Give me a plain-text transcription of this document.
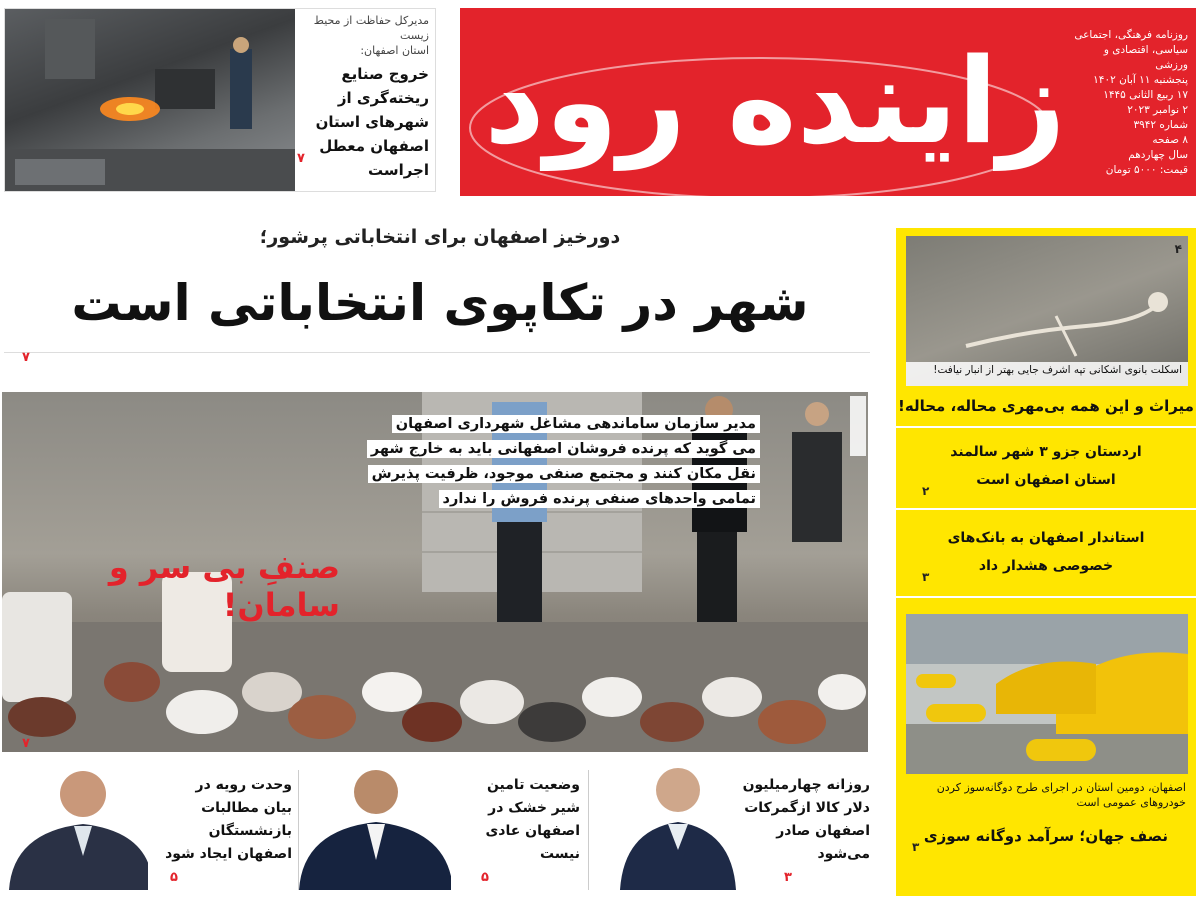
زاینده رود روزنامه فرهنگی، اجتماعی
سیاسی، اقتصادی و ورزشی
پنجشنبه ۱۱ آبان ۱۴۰۲
۱۷ ربیع الثانی ۱۴۴۵
۲ نوامبر ۲۰۲۳
شماره ۳۹۴۲
۸ صفحه
سال چهاردهم
قیمت: ۵۰۰۰ تومان
مدیرکل حفاظت از محیط زیست
استان اصفهان:
خروج صنایع ریخته‌گری از شهرهای استان اصفهان معطل اجراست
۷
دورخیز اصفهان برای انتخاباتی پرشور؛
شهر در تکاپوی انتخاباتی است
۷
مدیر سازمان ساماندهی مشاغل شهرداری اصفهان
می گوید که پرنده فروشان اصفهانی باید به خارج شهر
نقل مکان کنند و مجتمع صنفی موجود، ظرفیت پذیرش
تمامی واحدهای صنفی پرنده فروش را ندارد
صنفِ بی سر و سامان!
۷
روزانه چهارمیلیون دلار کالا ازگمرکات اصفهان صادر می‌شود
۳
وضعیت تامین شیر خشک در اصفهان عادی نیست
۵
وحدت رویه در بیان مطالبات بازنشستگان اصفهان ایجاد شود
۵
اسکلت بانوی اشکانی تپه اشرف جایی بهتر از انبار نیافت!
۴
میراث و این همه بی‌مهری محاله، محاله!
اردستان جزو ۳ شهر سالمند استان اصفهان است
۲
استاندار اصفهان به بانک‌های خصوصی هشدار داد
۳
اصفهان، دومین استان در اجرای طرح دوگانه‌سوز کردن خودروهای عمومی است
نصف جهان؛ سرآمد دوگانه سوزی
۳
